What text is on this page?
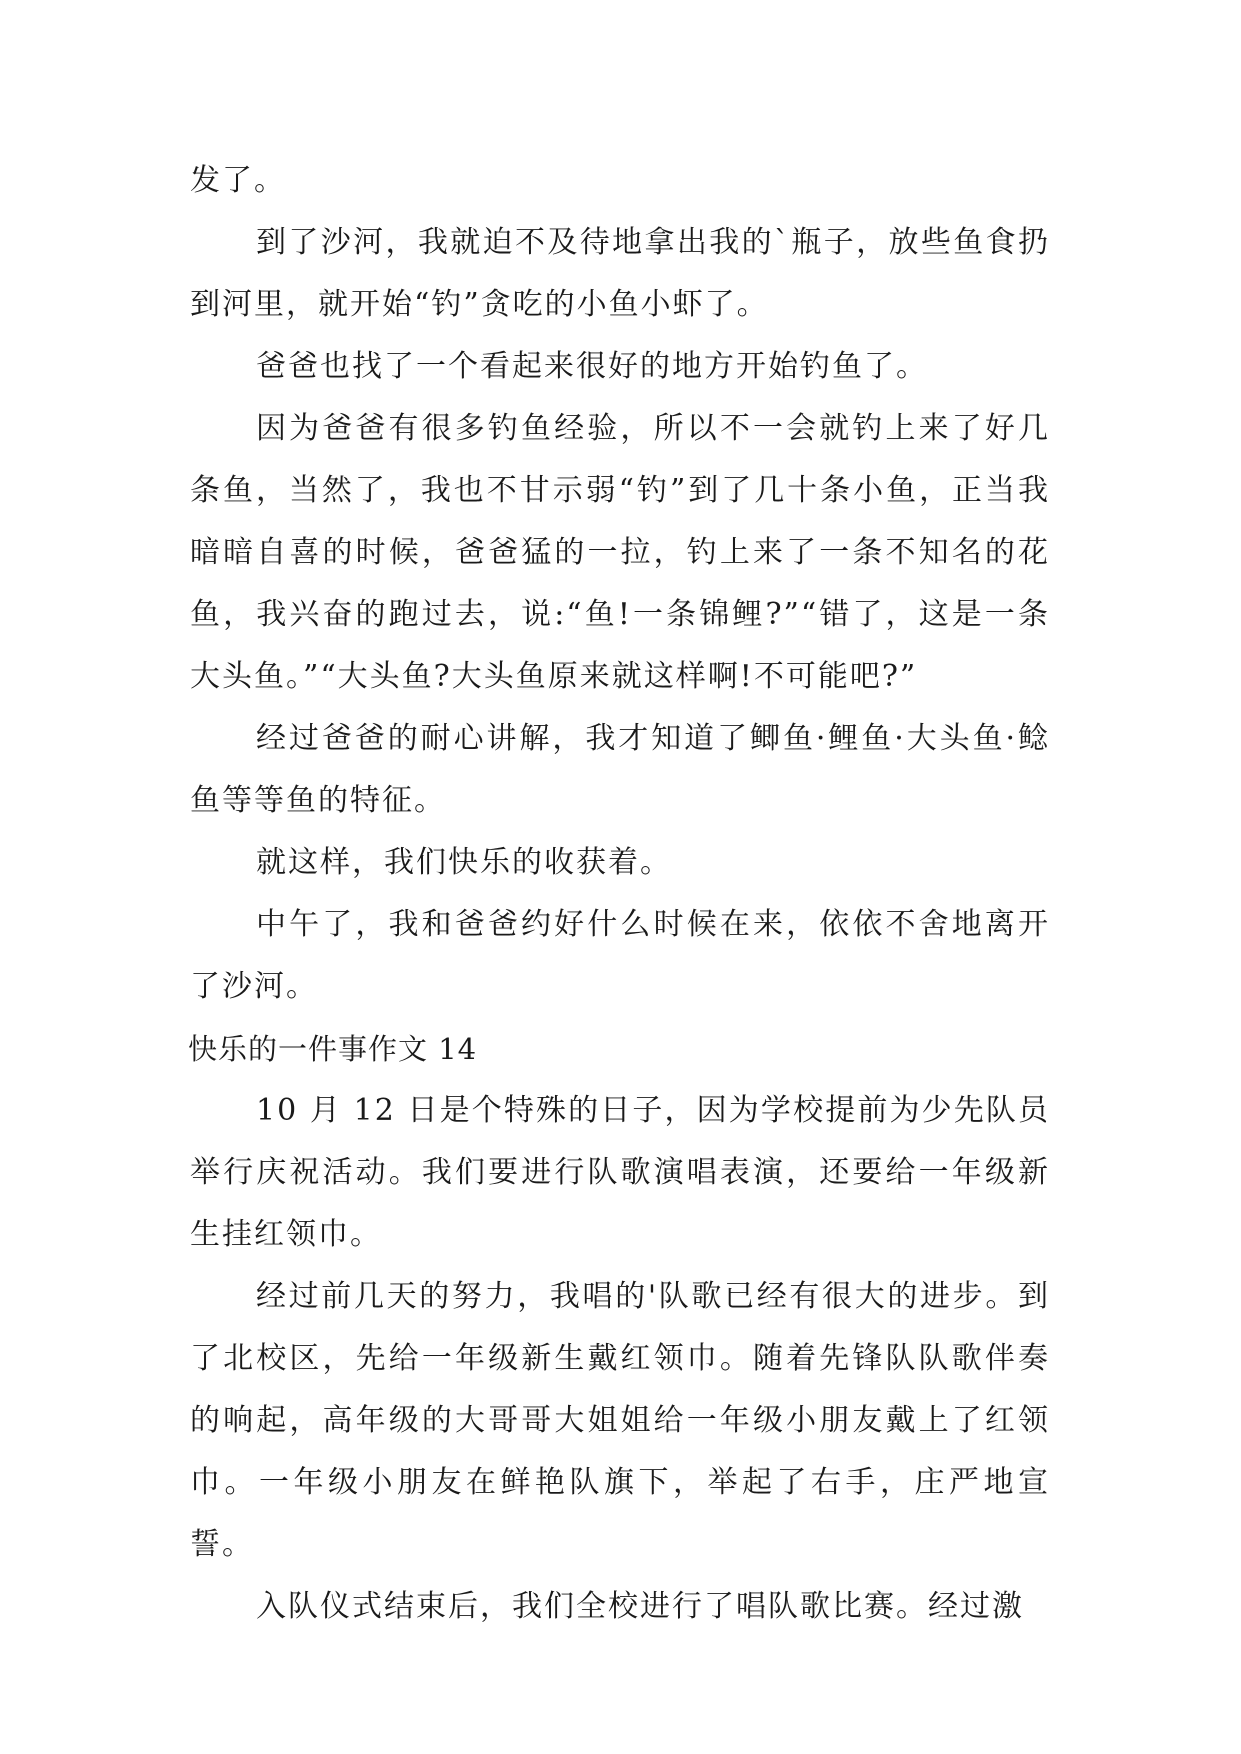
发了。

到了沙河，我就迫不及待地拿出我的`瓶子，放些鱼食扔到河里，就开始“钓”贪吃的小鱼小虾了。

爸爸也找了一个看起来很好的地方开始钓鱼了。

因为爸爸有很多钓鱼经验，所以不一会就钓上来了好几条鱼，当然了，我也不甘示弱“钓”到了几十条小鱼，正当我暗暗自喜的时候，爸爸猛的一拉，钓上来了一条不知名的花鱼，我兴奋的跑过去，说:“鱼!一条锦鲤?”“错了，这是一条大头鱼。”“大头鱼?大头鱼原来就这样啊!不可能吧?”

经过爸爸的耐心讲解，我才知道了鲫鱼·鲤鱼·大头鱼·鲶鱼等等鱼的特征。

就这样，我们快乐的收获着。

中午了，我和爸爸约好什么时候在来，依依不舍地离开了沙河。

快乐的一件事作文 14

10 月 12 日是个特殊的日子，因为学校提前为少先队员举行庆祝活动。我们要进行队歌演唱表演，还要给一年级新生挂红领巾。

经过前几天的努力，我唱的'队歌已经有很大的进步。到了北校区，先给一年级新生戴红领巾。随着先锋队队歌伴奏的响起，高年级的大哥哥大姐姐给一年级小朋友戴上了红领巾。一年级小朋友在鲜艳队旗下，举起了右手，庄严地宣誓。

入队仪式结束后，我们全校进行了唱队歌比赛。经过激
